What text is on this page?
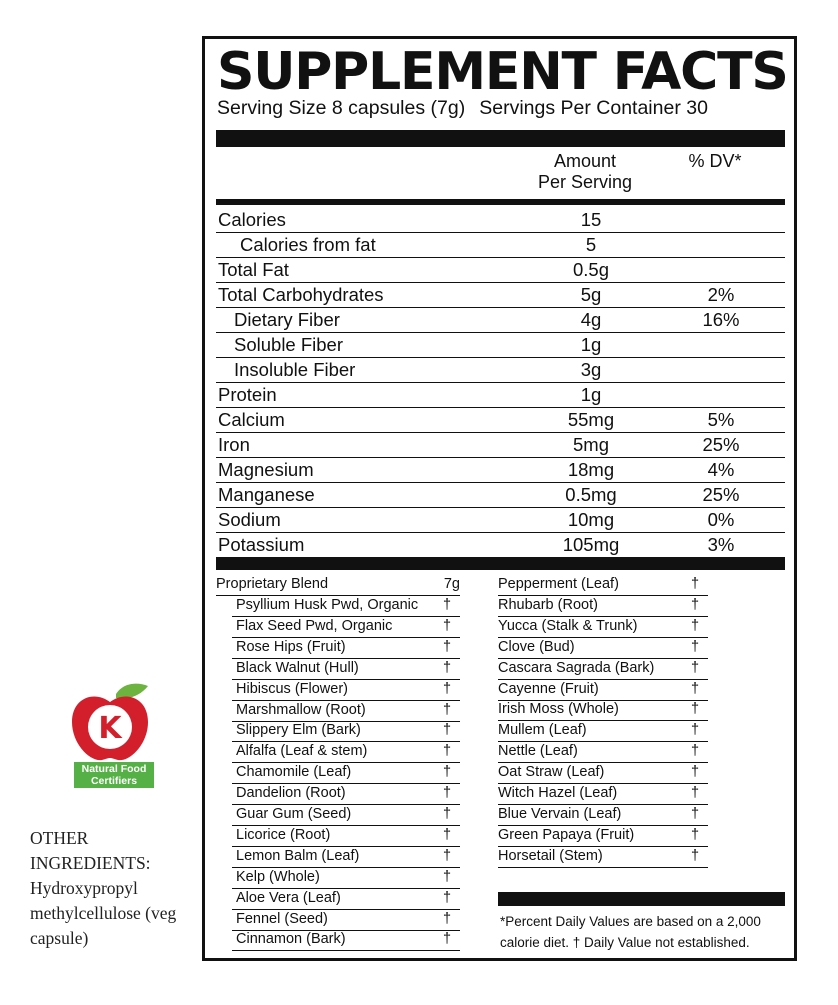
K
Natural Food
Certifiers
OTHER INGREDIENTS:
Hydroxypropyl methylcellulose (veg capsule)
SUPPLEMENT FACTS
Serving Size 8 capsules (7g) Servings Per Container 30
Amount
Per Serving
% DV*
Calories	15
Calories from fat	5
Total Fat	0.5g
Total Carbohydrates	5g	2%
Dietary Fiber	4g	16%
Soluble Fiber	1g
Insoluble Fiber	3g
Protein	1g
Calcium	55mg	5%
Iron	5mg	25%
Magnesium	18mg	4%
Manganese	0.5mg	25%
Sodium	10mg	0%
Potassium	105mg	3%
Proprietary Blend	7g
Psyllium Husk Pwd, Organic †
Flax Seed Pwd, Organic	†
Rose Hips (Fruit)	†
Black Walnut (Hull)	†
Hibiscus (Flower)	†
Marshmallow (Root)	†
Slippery Elm (Bark)	†
Alfalfa (Leaf & stem)	†
Chamomile (Leaf)	†
Dandelion (Root)	†
Guar Gum (Seed)	†
Licorice (Root)	†
Lemon Balm (Leaf)	†
Kelp (Whole)	†
Aloe Vera (Leaf)	†
Fennel (Seed)	†
Cinnamon (Bark)	†
Pepperment (Leaf)	†
Rhubarb (Root)	†
Yucca (Stalk & Trunk)	†
Clove (Bud)	†
Cascara Sagrada (Bark)	†
Cayenne (Fruit)	†
Irish Moss (Whole)	†
Mullem (Leaf)	†
Nettle (Leaf)	†
Oat Straw (Leaf)	†
Witch Hazel (Leaf)	†
Blue Vervain (Leaf)	†
Green Papaya (Fruit)	†
Horsetail (Stem)	†
*Percent Daily Values are based on a 2,000
calorie diet. † Daily Value not established.
